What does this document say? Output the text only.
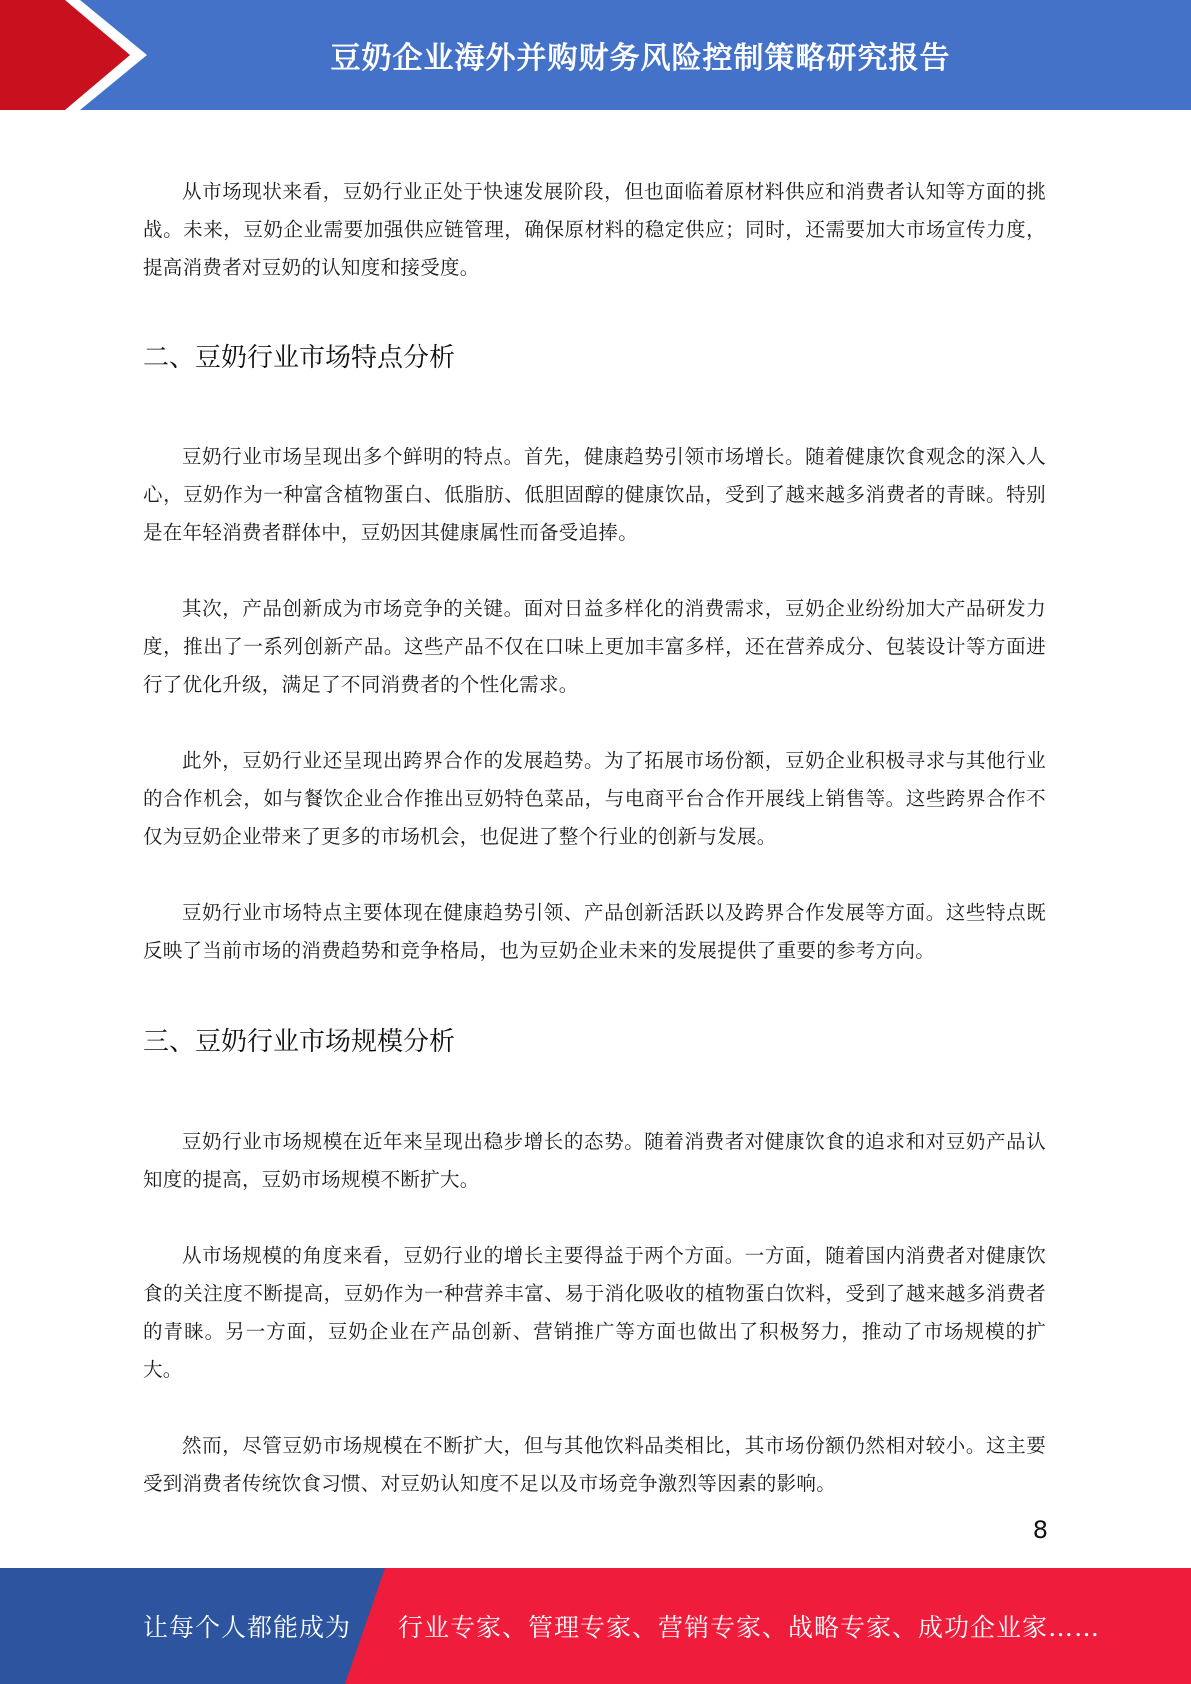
豆奶企业海外并购财务风险控制策略研究报告

从市场现状来看，豆奶行业正处于快速发展阶段，但也面临着原材料供应和消费者认知等方面的挑战。未来，豆奶企业需要加强供应链管理，确保原材料的稳定供应；同时，还需要加大市场宣传力度，提高消费者对豆奶的认知度和接受度。

二、豆奶行业市场特点分析

豆奶行业市场呈现出多个鲜明的特点。首先，健康趋势引领市场增长。随着健康饮食观念的深入人心，豆奶作为一种富含植物蛋白、低脂肪、低胆固醇的健康饮品，受到了越来越多消费者的青睐。特别是在年轻消费者群体中，豆奶因其健康属性而备受追捧。

其次，产品创新成为市场竞争的关键。面对日益多样化的消费需求，豆奶企业纷纷加大产品研发力度，推出了一系列创新产品。这些产品不仅在口味上更加丰富多样，还在营养成分、包装设计等方面进行了优化升级，满足了不同消费者的个性化需求。

此外，豆奶行业还呈现出跨界合作的发展趋势。为了拓展市场份额，豆奶企业积极寻求与其他行业的合作机会，如与餐饮企业合作推出豆奶特色菜品，与电商平台合作开展线上销售等。这些跨界合作不仅为豆奶企业带来了更多的市场机会，也促进了整个行业的创新与发展。

豆奶行业市场特点主要体现在健康趋势引领、产品创新活跃以及跨界合作发展等方面。这些特点既反映了当前市场的消费趋势和竞争格局，也为豆奶企业未来的发展提供了重要的参考方向。

三、豆奶行业市场规模分析

豆奶行业市场规模在近年来呈现出稳步增长的态势。随着消费者对健康饮食的追求和对豆奶产品认知度的提高，豆奶市场规模不断扩大。

从市场规模的角度来看，豆奶行业的增长主要得益于两个方面。一方面，随着国内消费者对健康饮食的关注度不断提高，豆奶作为一种营养丰富、易于消化吸收的植物蛋白饮料，受到了越来越多消费者的青睐。另一方面，豆奶企业在产品创新、营销推广等方面也做出了积极努力，推动了市场规模的扩大。

然而，尽管豆奶市场规模在不断扩大，但与其他饮料品类相比，其市场份额仍然相对较小。这主要受到消费者传统饮食习惯、对豆奶认知度不足以及市场竞争激烈等因素的影响。

8
让每个人都能成为 行业专家、管理专家、营销专家、战略专家、成功企业家……
